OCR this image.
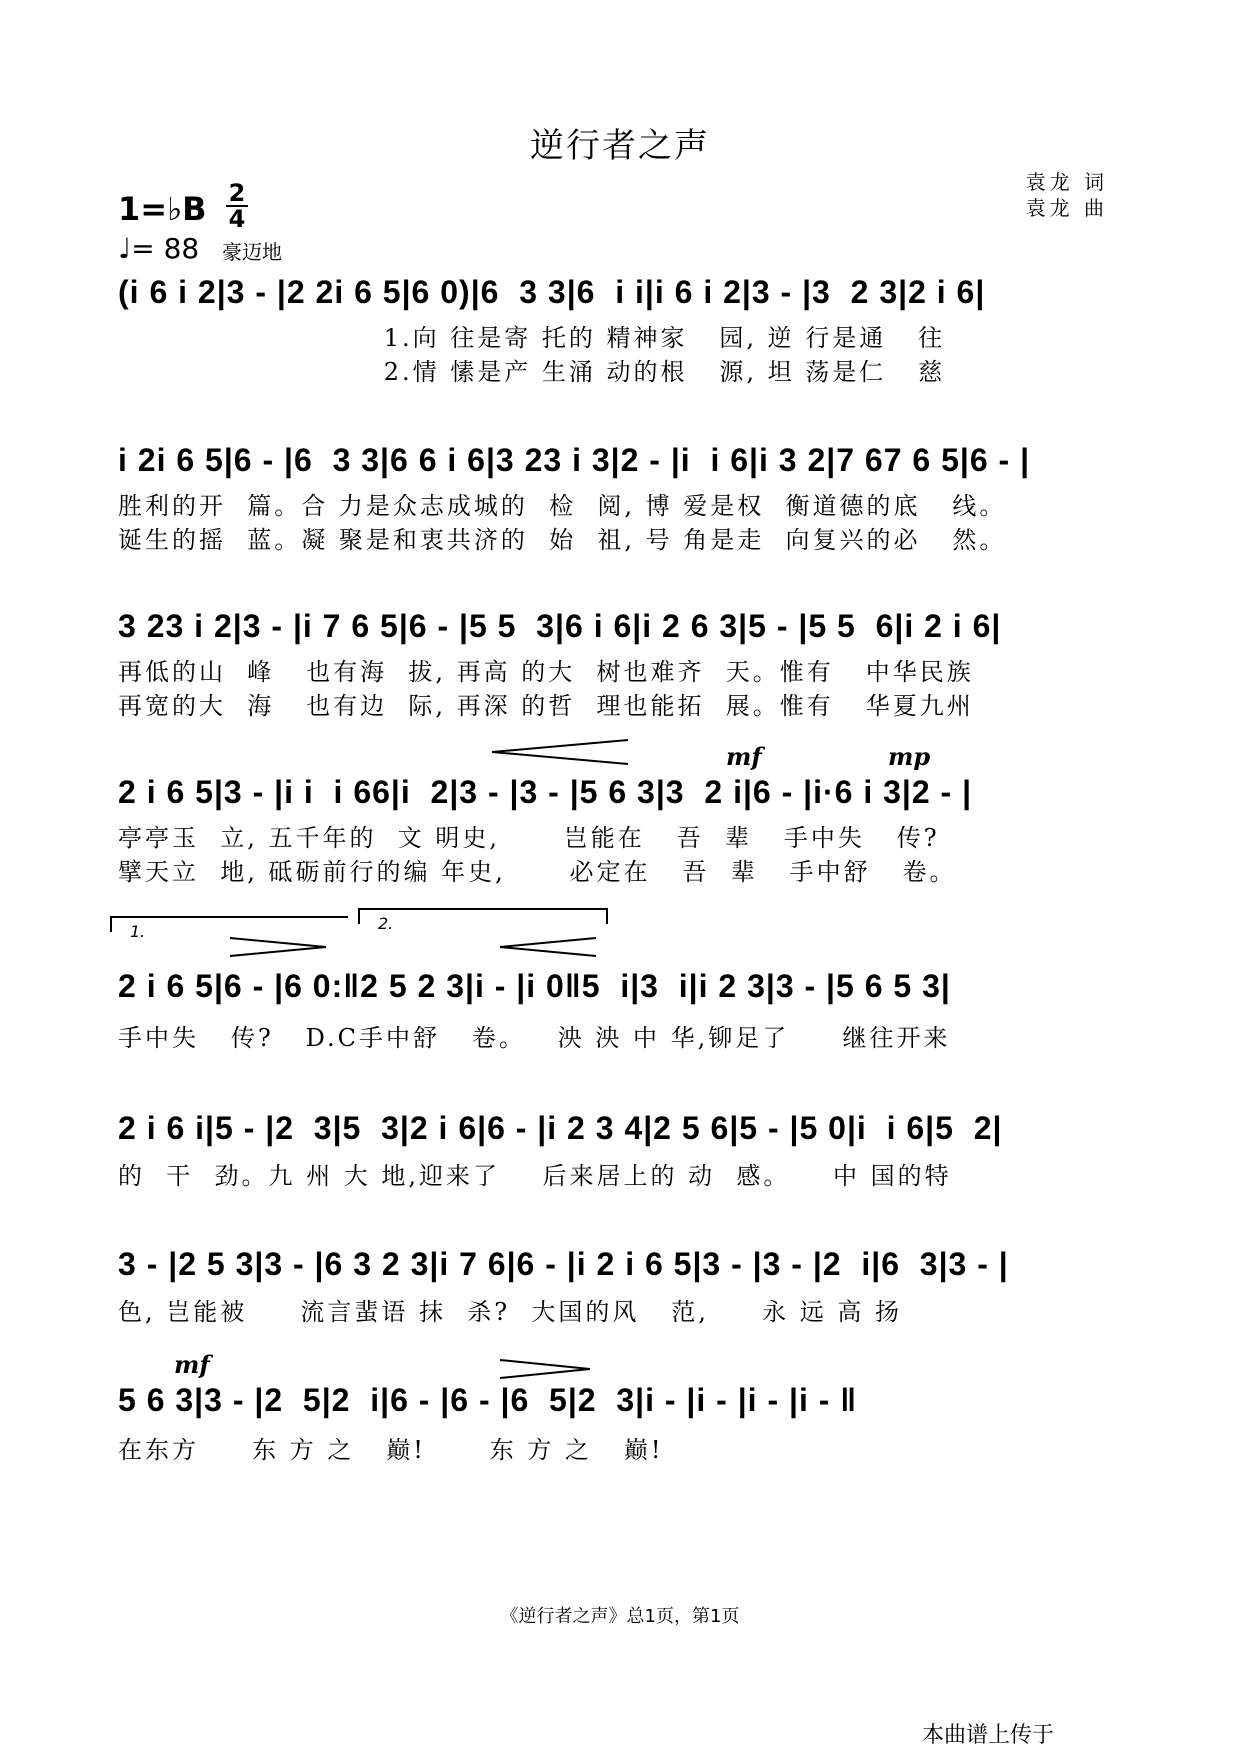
逆行者之声
1=♭B 2
4
♩= 88 豪迈地
袁龙 词
袁龙 曲
(i 6 i 2|3 - |2 2i 6 5|6 0)|6  3 3|6  i i|i 6 i 2|3 - |3  2 3|2 i 6|
1.向 往是寄 托的 精神家   园, 逆 行是通   往
2.情 愫是产 生涌 动的根   源, 坦 荡是仁   慈
i 2i 6 5|6 - |6  3 3|6 6 i 6|3 23 i 3|2 - |i  i 6|i 3 2|7 67 6 5|6 - |
胜利的开  篇。合 力是众志成城的  检  阅, 博 爱是权  衡道德的底   线。
诞生的摇  蓝。凝 聚是和衷共济的  始  祖, 号 角是走  向复兴的必   然。
3 23 i 2|3 - |i 7 6 5|6 - |5 5  3|6 i 6|i 2 6 3|5 - |5 5  6|i 2 i 6|
再低的山  峰   也有海  拔, 再高 的大  树也难齐  天。惟有   中华民族
再宽的大  海   也有边  际, 再深 的哲  理也能拓  展。惟有   华夏九州
mf	mp
2 i 6 5|3 - |i i  i 66|i  2|3 - |3 - |5 6 3|3  2 i|6 - |i·6 i 3|2 - |
亭亭玉  立, 五千年的  文 明史,      岂能在   吾  辈   手中失   传?
擘天立  地, 砥砺前行的编 年史,      必定在   吾  辈   手中舒   卷。
1.	2.
2 i 6 5|6 - |6 0:‖2 5 2 3|i - |i 0‖5  i|3  i|i 2 3|3 - |5 6 5 3|
手中失   传?   D.C手中舒   卷。   泱 泱 中 华,铆足了     继往开来
2 i 6 i|5 - |2  3|5  3|2 i 6|6 - |i 2 3 4|2 5 6|5 - |5 0|i  i 6|5  2|
的  干  劲。九 州 大 地,迎来了    后来居上的 动  感。    中 国的特
3 - |2 5 3|3 - |6 3 2 3|i 7 6|6 - |i 2 i 6 5|3 - |3 - |2  i|6  3|3 - |
色, 岂能被     流言蜚语 抹  杀?  大国的风   范,     永 远 高 扬
mf
5 6 3|3 - |2  5|2  i|6 - |6 - |6  5|2  3|i - |i - |i - |i - ‖
在东方     东 方 之   巅!      东 方 之   巅!
《逆行者之声》总1页，第1页
本曲谱上传于
